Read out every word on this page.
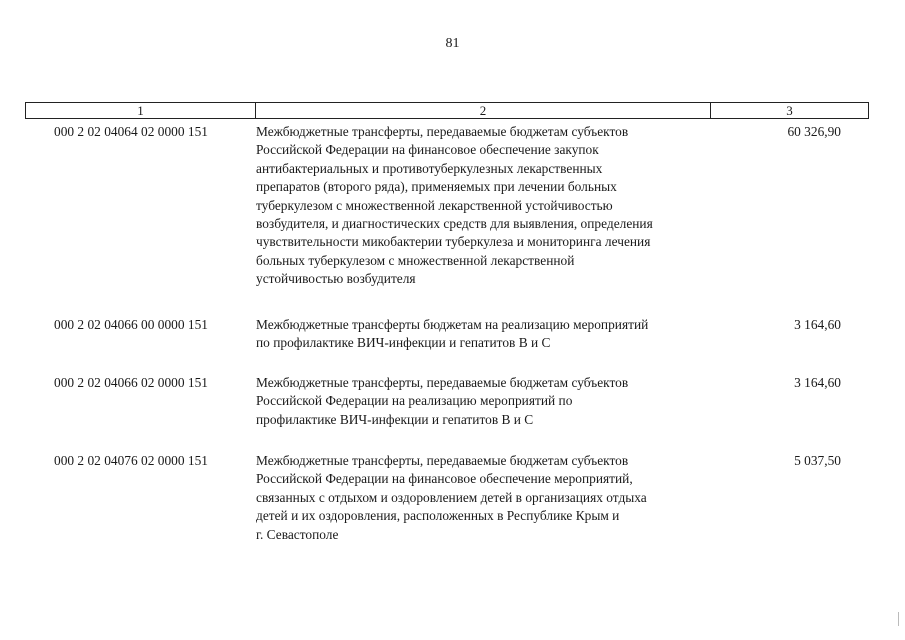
81
1	2	3
000 2 02 04064 02 0000 151	Межбюджетные трансферты, передаваемые бюджетам субъектов
Российской Федерации на финансовое обеспечение закупок
антибактериальных и противотуберкулезных лекарственных
препаратов (второго ряда), применяемых при лечении больных
туберкулезом с множественной лекарственной устойчивостью
возбудителя, и диагностических средств для выявления, определения
чувствительности микобактерии туберкулеза и мониторинга лечения
больных туберкулезом с множественной лекарственной
устойчивостью возбудителя
60 326,90
000 2 02 04066 00 0000 151	Межбюджетные трансферты бюджетам на реализацию мероприятий
по профилактике ВИЧ-инфекции и гепатитов В и С
3 164,60
000 2 02 04066 02 0000 151	Межбюджетные трансферты, передаваемые бюджетам субъектов
Российской Федерации на реализацию мероприятий по
профилактике ВИЧ-инфекции и гепатитов В и С
3 164,60
000 2 02 04076 02 0000 151	Межбюджетные трансферты, передаваемые бюджетам субъектов
Российской Федерации на финансовое обеспечение мероприятий,
связанных с отдыхом и оздоровлением детей в организациях отдыха
детей и их оздоровления, расположенных в Республике Крым и
г. Севастополе
5 037,50
